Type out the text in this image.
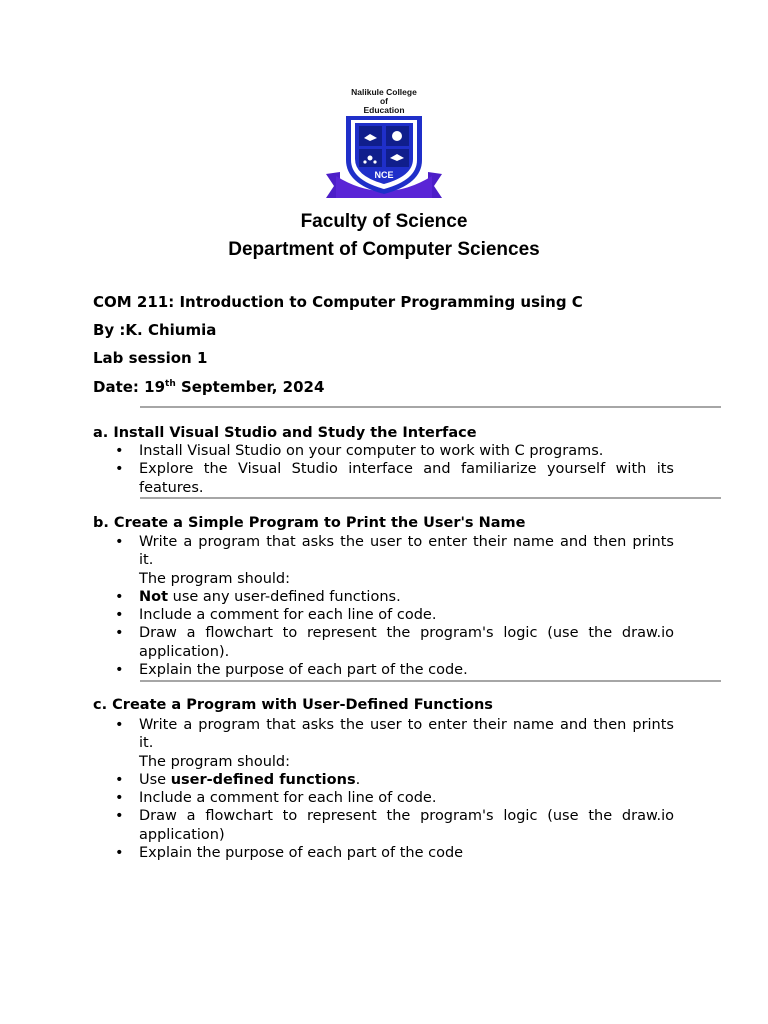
Nalikule College
of
Education
NCE
Faculty of Science
Department of Computer Sciences
COM 211: Introduction to Computer Programming using C
By :K. Chiumia
Lab session 1
Date: 19th September, 2024
a. Install Visual Studio and Study the Interface
• Install Visual Studio on your computer to work with C programs.
• Explore the Visual Studio interface and familiarize yourself with its features.
b. Create a Simple Program to Print the User's Name
• Write a program that asks the user to enter their name and then prints it.
The program should:
• Not use any user-defined functions.
• Include a comment for each line of code.
• Draw a flowchart to represent the program's logic (use the draw.io application).
• Explain the purpose of each part of the code.
c. Create a Program with User-Defined Functions
• Write a program that asks the user to enter their name and then prints it.
The program should:
• Use user-defined functions.
• Include a comment for each line of code.
• Draw a flowchart to represent the program's logic (use the draw.io application)
• Explain the purpose of each part of the code
